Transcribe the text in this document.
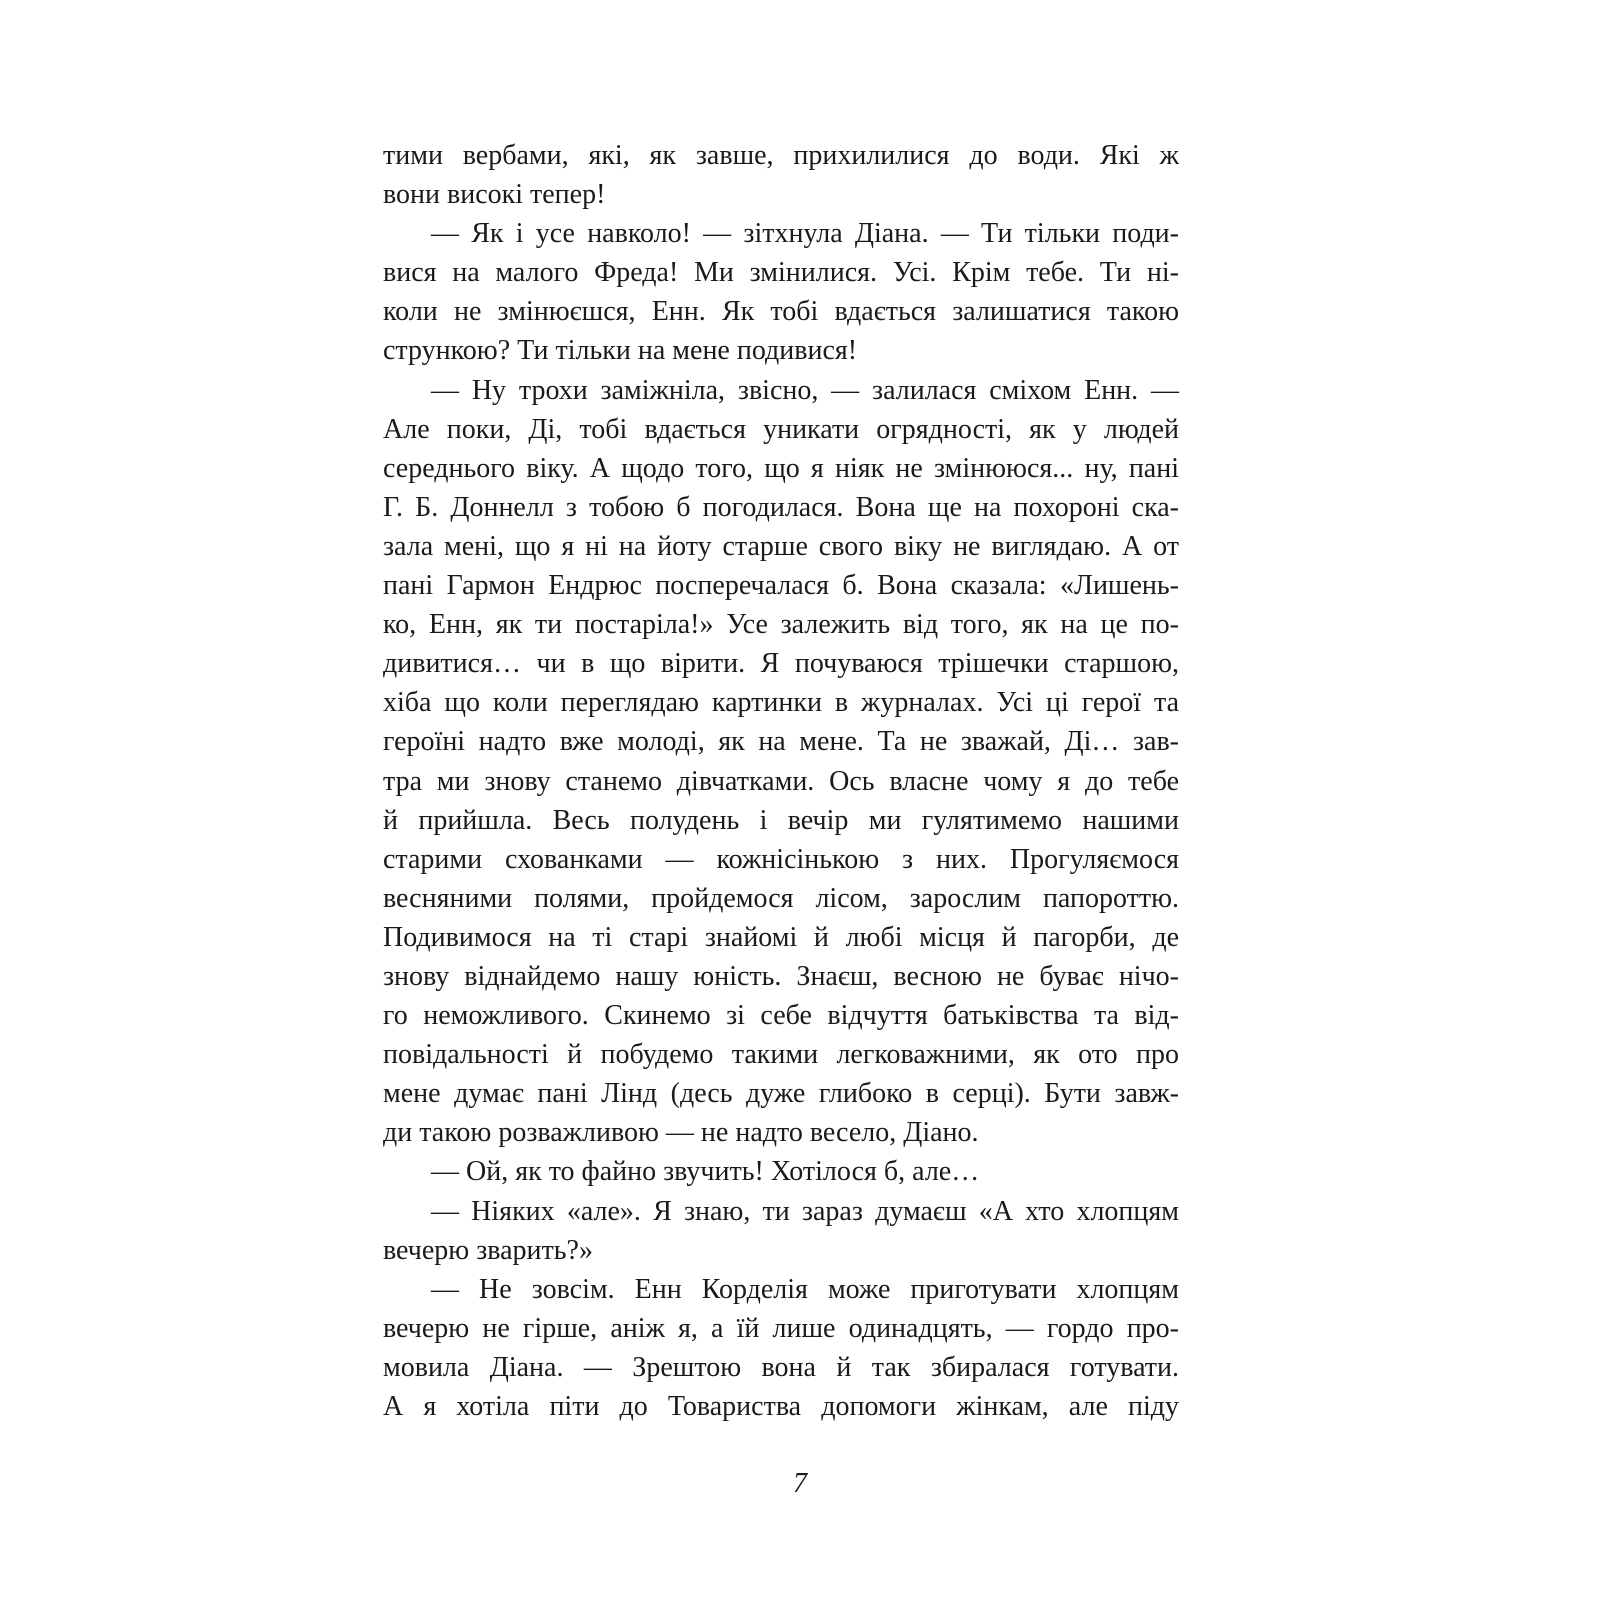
тими вербами, які, як завше, прихилилися до води. Які ж
вони високі тепер!
— Як і усе навколо! — зітхнула Діана. — Ти тільки поди-
вися на малого Фреда! Ми змінилися. Усі. Крім тебе. Ти ні-
коли не змінюєшся, Енн. Як тобі вдається залишатися такою
стрункою? Ти тільки на мене подивися!
— Ну трохи заміжніла, звісно, — залилася сміхом Енн. —
Але поки, Ді, тобі вдається уникати огрядності, як у людей
середнього віку. А щодо того, що я ніяк не змінююся... ну, пані
Г. Б. Доннелл з тобою б погодилася. Вона ще на похороні ска-
зала мені, що я ні на йоту старше свого віку не виглядаю. А от
пані Гармон Ендрюс посперечалася б. Вона сказала: «Лишень-
ко, Енн, як ти постаріла!» Усе залежить від того, як на це по-
дивитися… чи в що вірити. Я почуваюся трішечки старшою,
хіба що коли переглядаю картинки в журналах. Усі ці герої та
героїні надто вже молоді, як на мене. Та не зважай, Ді… зав-
тра ми знову станемо дівчатками. Ось власне чому я до тебе
й прийшла. Весь полудень і вечір ми гулятимемо нашими
старими схованками — кожнісінькою з них. Прогуляємося
весняними полями, пройдемося лісом, зарослим папороттю.
Подивимося на ті старі знайомі й любі місця й пагорби, де
знову віднайдемо нашу юність. Знаєш, весною не буває нічо-
го неможливого. Скинемо зі себе відчуття батьківства та від-
повідальності й побудемо такими легковажними, як ото про
мене думає пані Лінд (десь дуже глибоко в серці). Бути завж-
ди такою розважливою — не надто весело, Діано.
— Ой, як то файно звучить! Хотілося б, але…
— Ніяких «але». Я знаю, ти зараз думаєш «А хто хлопцям
вечерю зварить?»
— Не зовсім. Енн Корделія може приготувати хлопцям
вечерю не гірше, аніж я, а їй лише одинадцять, — гордо про-
мовила Діана. — Зрештою вона й так збиралася готувати.
А я хотіла піти до Товариства допомоги жінкам, але піду
7
